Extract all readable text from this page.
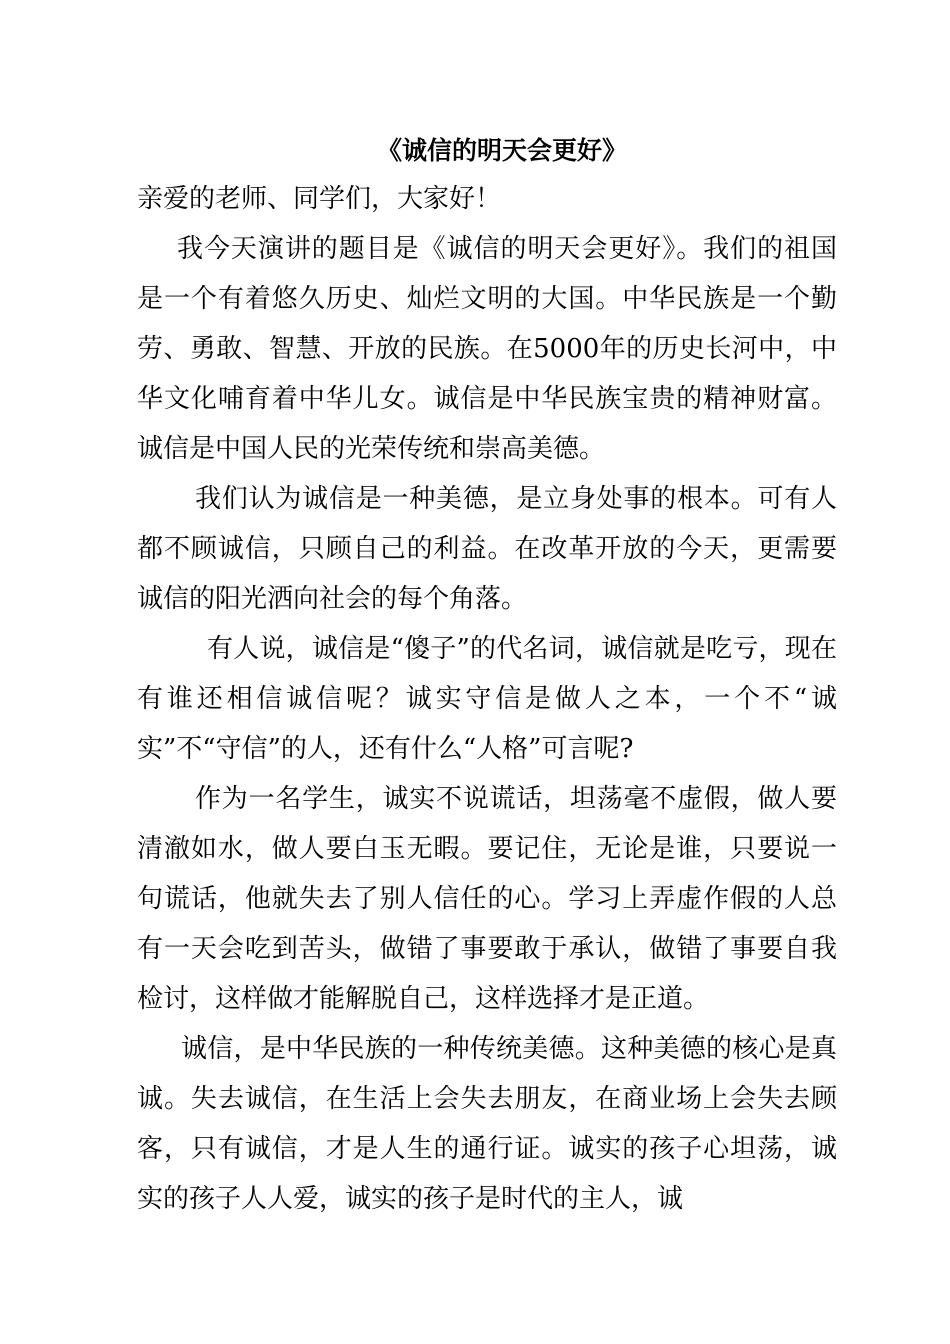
《诚信的明天会更好》

亲爱的老师、同学们，大家好！

我今天演讲的题目是《诚信的明天会更好》。我们的祖国是一个有着悠久历史、灿烂文明的大国。中华民族是一个勤劳、勇敢、智慧、开放的民族。在5000年的历史长河中，中华文化哺育着中华儿女。诚信是中华民族宝贵的精神财富。诚信是中国人民的光荣传统和崇高美德。

我们认为诚信是一种美德，是立身处事的根本。可有人都不顾诚信，只顾自己的利益。在改革开放的今天，更需要诚信的阳光洒向社会的每个角落。

有人说，诚信是“傻子”的代名词，诚信就是吃亏，现在有谁还相信诚信呢？诚实守信是做人之本，一个不“诚实”不“守信”的人，还有什么“人格”可言呢?

作为一名学生，诚实不说谎话，坦荡毫不虚假，做人要清澈如水，做人要白玉无暇。要记住，无论是谁，只要说一句谎话，他就失去了别人信任的心。学习上弄虚作假的人总有一天会吃到苦头，做错了事要敢于承认，做错了事要自我检讨，这样做才能解脱自己，这样选择才是正道。

诚信，是中华民族的一种传统美德。这种美德的核心是真诚。失去诚信，在生活上会失去朋友，在商业场上会失去顾客，只有诚信，才是人生的通行证。诚实的孩子心坦荡，诚实的孩子人人爱，诚实的孩子是时代的主人，诚
